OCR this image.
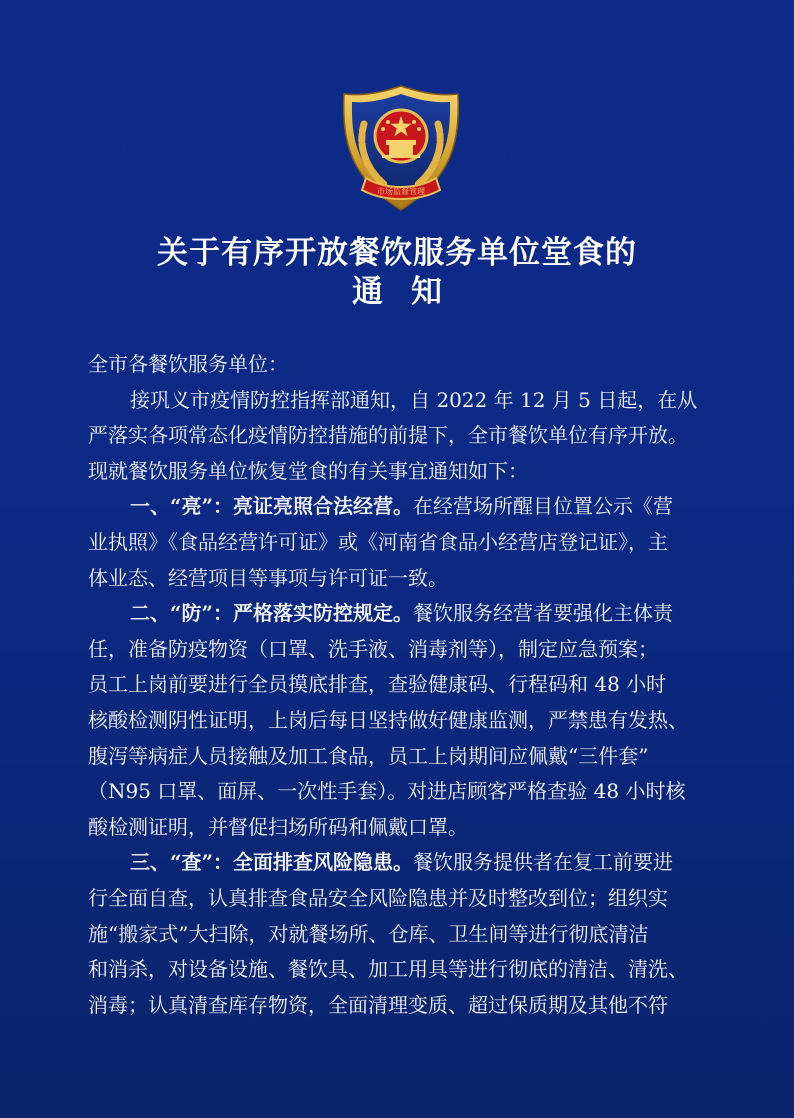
市场监督管理
关于有序开放餐饮服务单位堂食的
通知
全市各餐饮服务单位：
接巩义市疫情防控指挥部通知，自 2022 年 12 月 5 日起，在从
严落实各项常态化疫情防控措施的前提下，全市餐饮单位有序开放。
现就餐饮服务单位恢复堂食的有关事宜通知如下：
一、“亮”：亮证亮照合法经营。在经营场所醒目位置公示《营
业执照》《食品经营许可证》或《河南省食品小经营店登记证》，主
体业态、经营项目等事项与许可证一致。
二、“防”：严格落实防控规定。餐饮服务经营者要强化主体责
任，准备防疫物资（口罩、洗手液、消毒剂等），制定应急预案；
员工上岗前要进行全员摸底排查，查验健康码、行程码和 48 小时
核酸检测阴性证明，上岗后每日坚持做好健康监测，严禁患有发热、
腹泻等病症人员接触及加工食品，员工上岗期间应佩戴“三件套”
（N95 口罩、面屏、一次性手套）。对进店顾客严格查验 48 小时核
酸检测证明，并督促扫场所码和佩戴口罩。
三、“查”：全面排查风险隐患。餐饮服务提供者在复工前要进
行全面自查，认真排查食品安全风险隐患并及时整改到位；组织实
施“搬家式”大扫除，对就餐场所、仓库、卫生间等进行彻底清洁
和消杀，对设备设施、餐饮具、加工用具等进行彻底的清洁、清洗、
消毒；认真清查库存物资，全面清理变质、超过保质期及其他不符
